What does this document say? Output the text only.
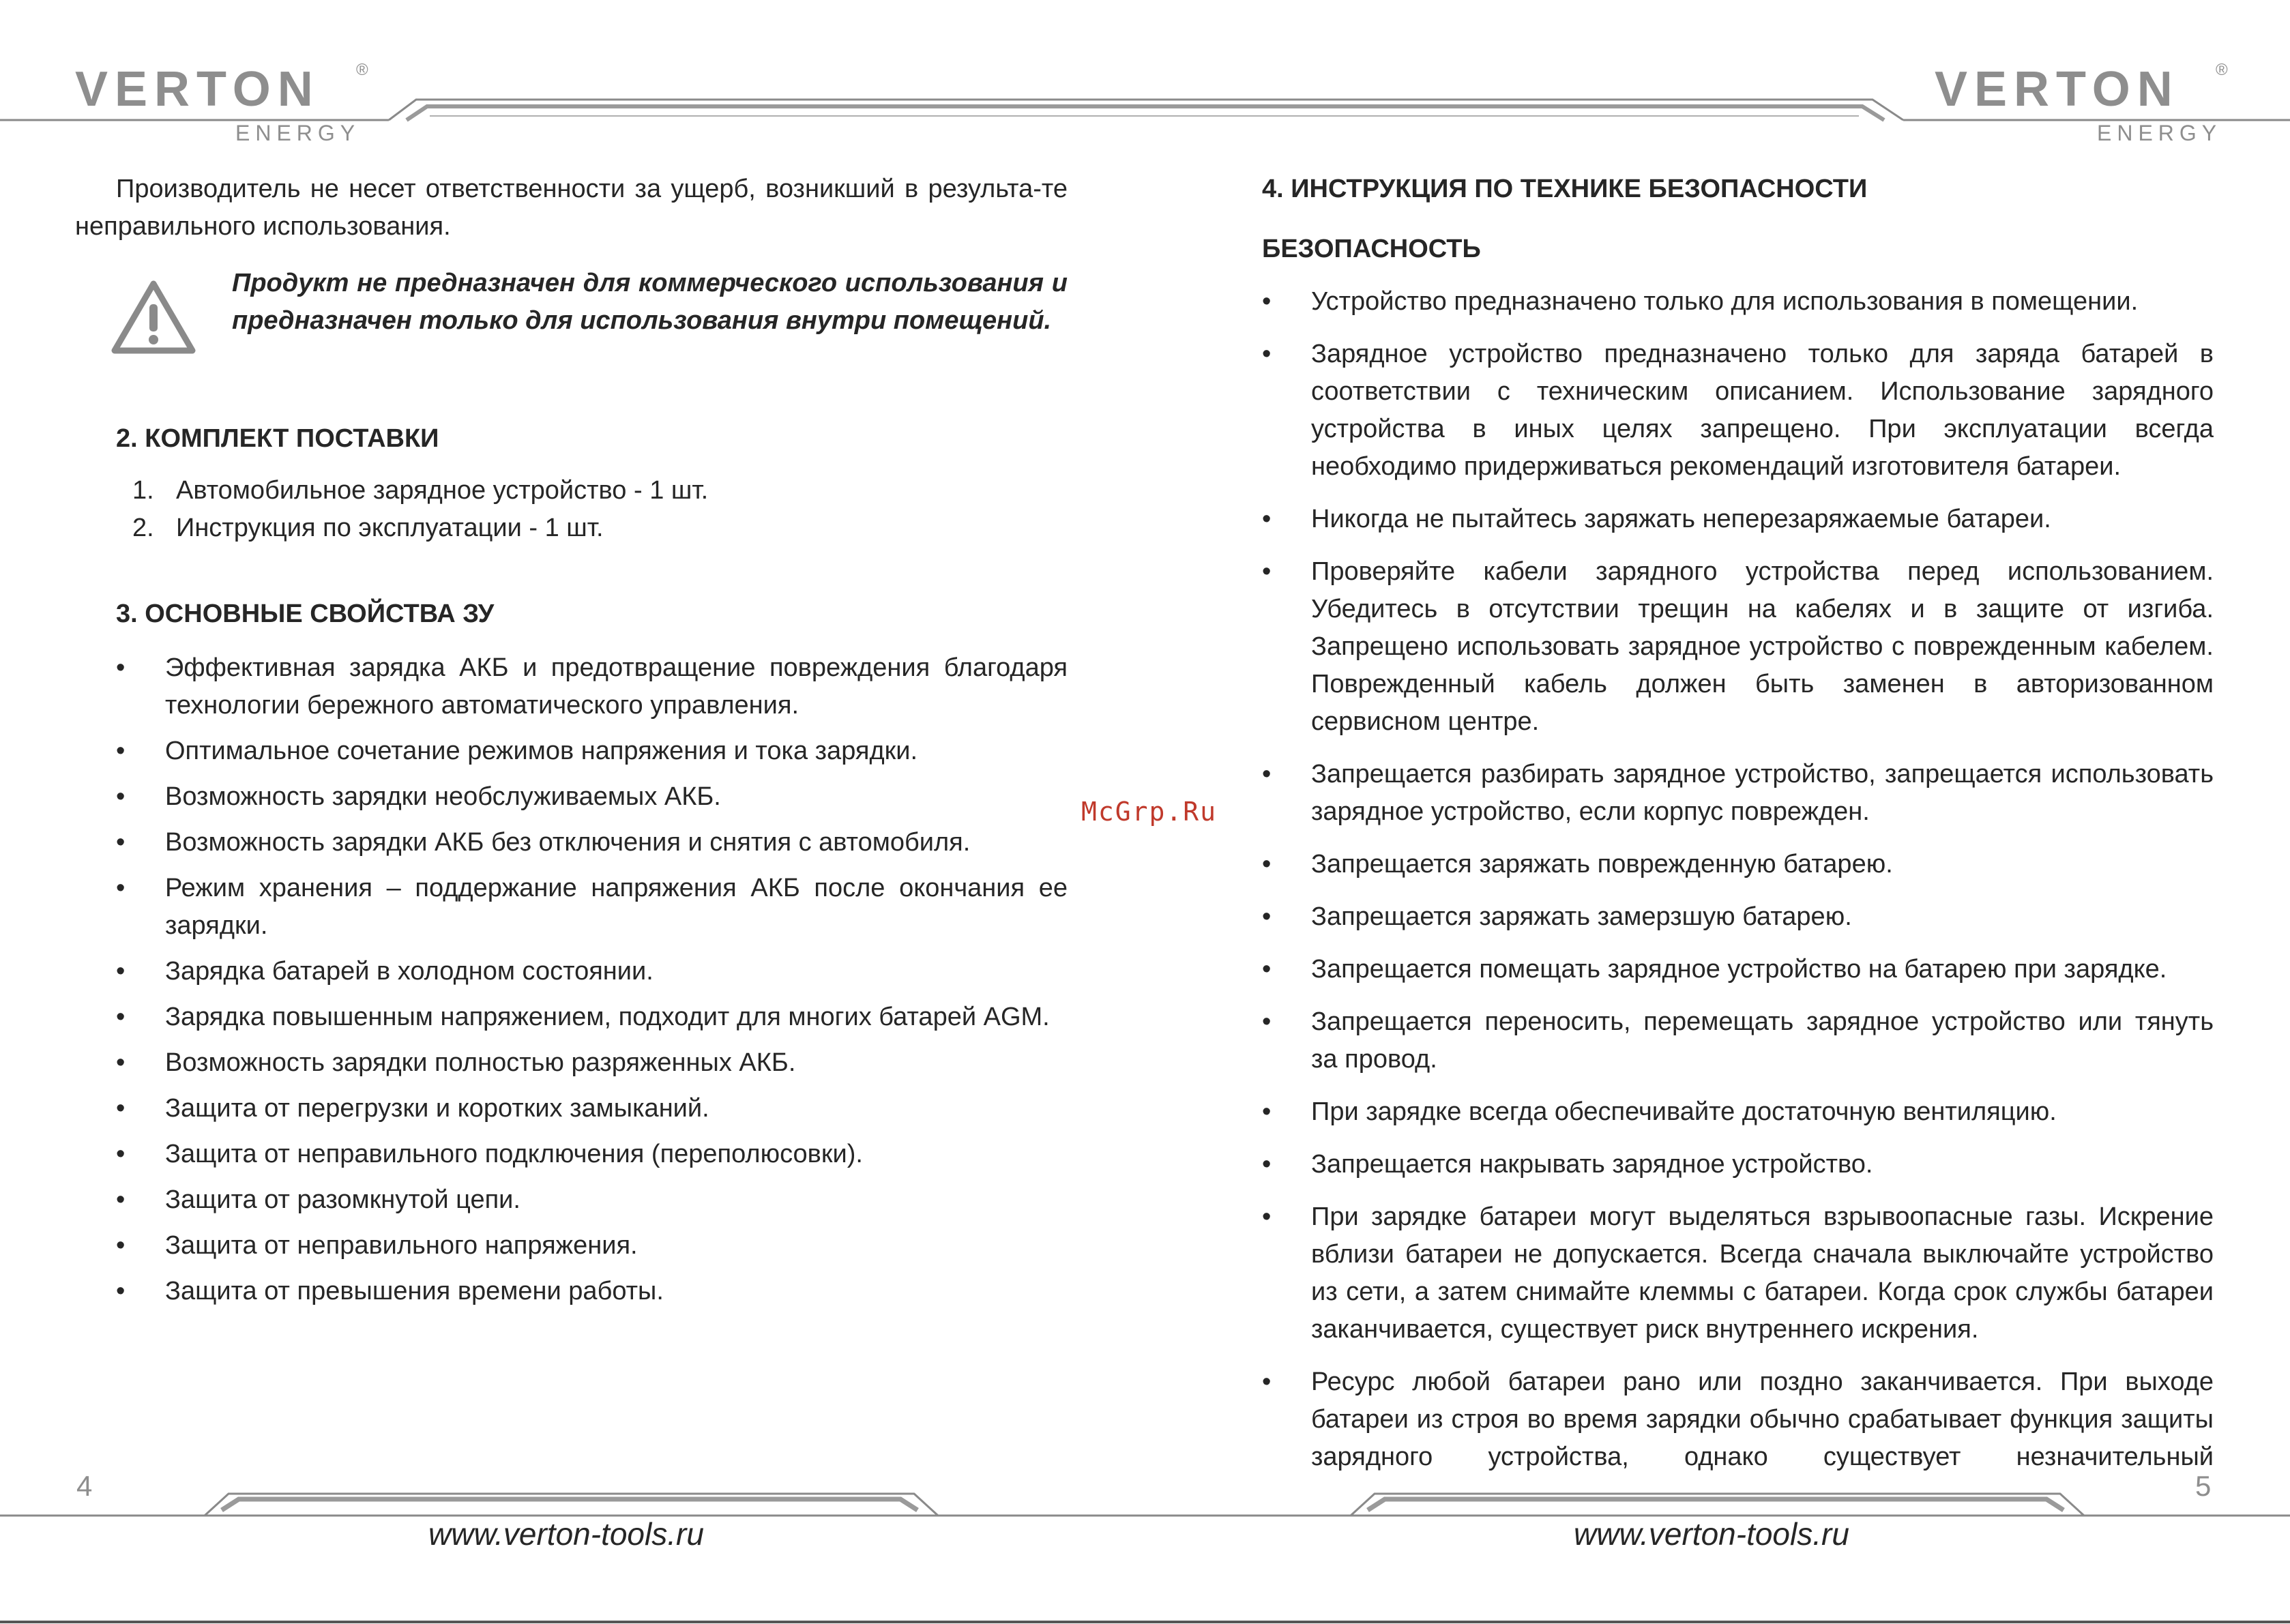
VERTON ®
ENERGY
VERTON ®
ENERGY
Производитель не несет ответственности за ущерб, возникший в результа-те неправильного использования.
Продукт не предназначен для коммерческого использования и предназначен только для использования внутри помещений.
2. КОМПЛЕКТ ПОСТАВКИ
1. Автомобильное зарядное устройство - 1 шт.
2. Инструкция по эксплуатации - 1 шт.
3. ОСНОВНЫЕ СВОЙСТВА ЗУ
• Эффективная зарядка АКБ и предотвращение повреждения благодаря технологии бережного автоматического управления.
• Оптимальное сочетание режимов напряжения и тока зарядки.
• Возможность зарядки необслуживаемых АКБ.
• Возможность зарядки АКБ без отключения и снятия с автомобиля.
• Режим хранения – поддержание напряжения АКБ после окончания ее зарядки.
• Зарядка батарей в холодном состоянии.
• Зарядка повышенным напряжением, подходит для многих батарей AGM.
• Возможность зарядки полностью разряженных АКБ.
• Защита от перегрузки и коротких замыканий.
• Защита от неправильного подключения (переполюсовки).
• Защита от разомкнутой цепи.
• Защита от неправильного напряжения.
• Защита от превышения времени работы.
4
www.verton-tools.ru
McGrp.Ru
4. ИНСТРУКЦИЯ ПО ТЕХНИКЕ БЕЗОПАСНОСТИ
БЕЗОПАСНОСТЬ
• Устройство предназначено только для использования в помещении.
• Зарядное устройство предназначено только для заряда батарей в соответствии с техническим описанием. Использование зарядного устройства в иных целях запрещено. При эксплуатации всегда необходимо придерживаться рекомендаций изготовителя батареи.
• Никогда не пытайтесь заряжать неперезаряжаемые батареи.
• Проверяйте кабели зарядного устройства перед использованием. Убедитесь в отсутствии трещин на кабелях и в защите от изгиба. Запрещено использовать зарядное устройство с поврежденным кабелем. Поврежденный кабель должен быть заменен в авторизованном сервисном центре.
• Запрещается разбирать зарядное устройство, запрещается использовать зарядное устройство, если корпус поврежден.
• Запрещается заряжать поврежденную батарею.
• Запрещается заряжать замерзшую батарею.
• Запрещается помещать зарядное устройство на батарею при зарядке.
• Запрещается переносить, перемещать зарядное устройство или тянуть за провод.
• При зарядке всегда обеспечивайте достаточную вентиляцию.
• Запрещается накрывать зарядное устройство.
• При зарядке батареи могут выделяться взрывоопасные газы. Искрение вблизи батареи не допускается. Всегда сначала выключайте устройство из сети, а затем снимайте клеммы с батареи. Когда срок службы батареи заканчивается, существует риск внутреннего искрения.
• Ресурс любой батареи рано или поздно заканчивается. При выходе батареи из строя во время зарядки обычно срабатывает функция защиты зарядного устройства, однако существует незначительный
5
www.verton-tools.ru
